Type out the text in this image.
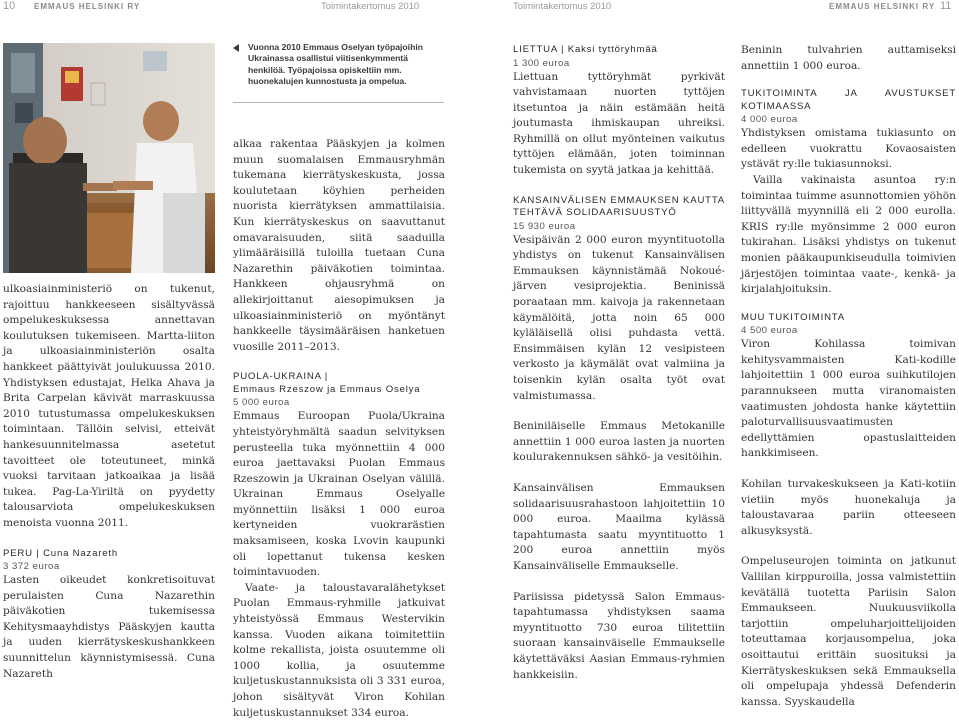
10 EMMAUS HELSINKI RY	Toimintakertomus 2010	Toimintakertomus 2010	EMMAUS HELSINKI RY 11
Vuonna 2010 Emmaus Oselyan työpajoihin Ukrainassa osallistui viitisenkymmentä henkilöä. Työpajoissa opiskeltiin mm. huonekalujen kunnostusta ja ompelua.

ulkoasiainministeriö on tukenut, rajoittuu hankkeeseen sisältyvässä ompelukeskuksessa annettavan koulutuksen tukemiseen. Martta-liiton ja ulkoasiainministeriön osalta hankkeet päättyivät joulukuussa 2010. Yhdistyksen edustajat, Helka Ahava ja Brita Carpelan kävivät marraskuussa 2010 tutustumassa ompelukeskuksen toimintaan. Tällöin selvisi, etteivät hankesuunnitelmassa asetetut tavoitteet ole toteutuneet, minkä vuoksi tarvitaan jatkoaikaa ja lisää tukea. Pag-La-Yiriltä on pyydetty talousarviota ompelukeskuksen menoista vuonna 2011.

PERU | Cuna Nazareth

3 372 euroa

Lasten oikeudet konkretisoituvat perulaisten Cuna Nazarethin päiväkotien tukemisessa Kehitysmaayhdistys Pääskyjen kautta ja uuden kierrätyskeskushankkeen suunnittelun käynnistymisessä. Cuna Nazareth

alkaa rakentaa Pääskyjen ja kolmen muun suomalaisen Emmausryhmän tukemana kierrätyskeskusta, jossa koulutetaan köyhien perheiden nuorista kierrätyksen ammattilaisia. Kun kierrätyskeskus on saavuttanut omavaraisuuden, siitä saaduilla ylimääräisillä tuloilla tuetaan Cuna Nazarethin päiväkotien toimintaa. Hankkeen ohjausryhmä on allekirjoittanut aiesopimuksen ja ulkoasiainministeriö on myöntänyt hankkeelle täysimääräisen hanketuen vuosille 2011–2013.

PUOLA-UKRAINA |

Emmaus Rzeszow ja Emmaus Oselya

5 000 euroa

Emmaus Euroopan Puola/Ukraina yhteistyöryhmältä saadun selvityksen perusteella tuka myönnettiin 4 000 euroa jaettavaksi Puolan Emmaus Rzeszowin ja Ukrainan Oselyan välillä. Ukrainan Emmaus Oselyalle myönnettiin lisäksi 1 000 euroa kertyneiden vuokrarästien maksamiseen, koska Lvovin kaupunki oli lopettanut tukensa kesken toimintavuoden.

Vaate- ja taloustavaralähetykset Puolan Emmaus-ryhmille jatkuivat yhteistyössä Emmaus Westervikin kanssa. Vuoden aikana toimitettiin kolme rekallista, joista osuutemme oli 1000 kollia, ja osuutemme kuljetuskustannuksista oli 3 331 euroa, johon sisältyvät Viron Kohilan kuljetuskustannukset 334 euroa.

LIETTUA | Kaksi tyttöryhmää

1 300 euroa

Liettuan tyttöryhmät pyrkivät vahvistamaan nuorten tyttöjen itsetuntoa ja näin estämään heitä joutumasta ihmiskaupan uhreiksi. Ryhmillä on ollut myönteinen vaikutus tyttöjen elämään, joten toiminnan tukemista on syytä jatkaa ja kehittää.

KANSAINVÄLISEN EMMAUKSEN KAUTTA TEHTÄVÄ SOLIDAARISUUSTYÖ

15 930 euroa

Vesipäivän 2 000 euron myyntituotolla yhdistys on tukenut Kansainvälisen Emmauksen käynnistämää Nokoué-järven vesiprojektia. Beninissä poraataan mm. kaivoja ja rakennetaan käymälöitä, jotta noin 65 000 kyläläisellä olisi puhdasta vettä. Ensimmäisen kylän 12 vesipisteen verkosto ja käymälät ovat valmiina ja toisenkin kylän osalta työt ovat valmistumassa.

Beniniläiselle Emmaus Metokanille annettiin 1 000 euroa lasten ja nuorten koulurakennuksen sähkö- ja vesitöihin.

Kansainvälisen Emmauksen solidaarisuusrahastoon lahjoitettiin 10 000 euroa. Maailma kylässä tapahtumasta saatu myyntituotto 1 200 euroa annettiin myös Kansainväliselle Emmaukselle.

Pariisissa pidetyssä Salon Emmaus-tapahtumassa yhdistyksen saama myyntituotto 730 euroa tilitettiin suoraan kansainväiselle Emmaukselle käytettäväksi Aasian Emmaus-ryhmien hankkeisiin.

Beninin tulvahrien auttamiseksi annettiin 1 000 euroa.

TUKITOIMINTA JA AVUSTUKSET KOTIMAASSA

4 000 euroa

Yhdistyksen omistama tukiasunto on edelleen vuokrattu Kovaosaisten ystävät ry:lle tukiasunnoksi.

Vailla vakinaista asuntoa ry:n toimintaa tuimme asunnottomien yöhön liittyvällä myynnillä eli 2 000 eurolla. KRIS ry:lle myönsimme 2 000 euron tukirahan. Lisäksi yhdistys on tukenut monien pääkaupunkiseudulla toimivien järjestöjen toimintaa vaate-, kenkä- ja kirjalahjoituksin.

MUU TUKITOIMINTA

4 500 euroa

Viron Kohilassa toimivan kehitysvammaisten Kati-kodille lahjoitettiin 1 000 euroa suihkutilojen parannukseen mutta viranomaisten vaatimusten johdosta hanke käytettiin paloturvallisuusvaatimusten edellyttämien opastuslaitteiden hankkimiseen.

Kohilan turvakeskukseen ja Kati-kotiin vietiin myös huonekaluja ja taloustavaraa pariin otteeseen alkusyksystä.

Ompeluseurojen toiminta on jatkunut Vallilan kirppuroilla, jossa valmistettiin kevätällä tuotetta Pariisin Salon Emmaukseen. Nuukuusviikolla tarjottiin ompeluharjoittelijoiden toteuttamaa korjausompelua, joka osoittautui erittäin suosituksi ja Kierrätyskeskuksen sekä Emmauksella oli ompelupaja yhdessä Defenderin kanssa. Syyskaudella
